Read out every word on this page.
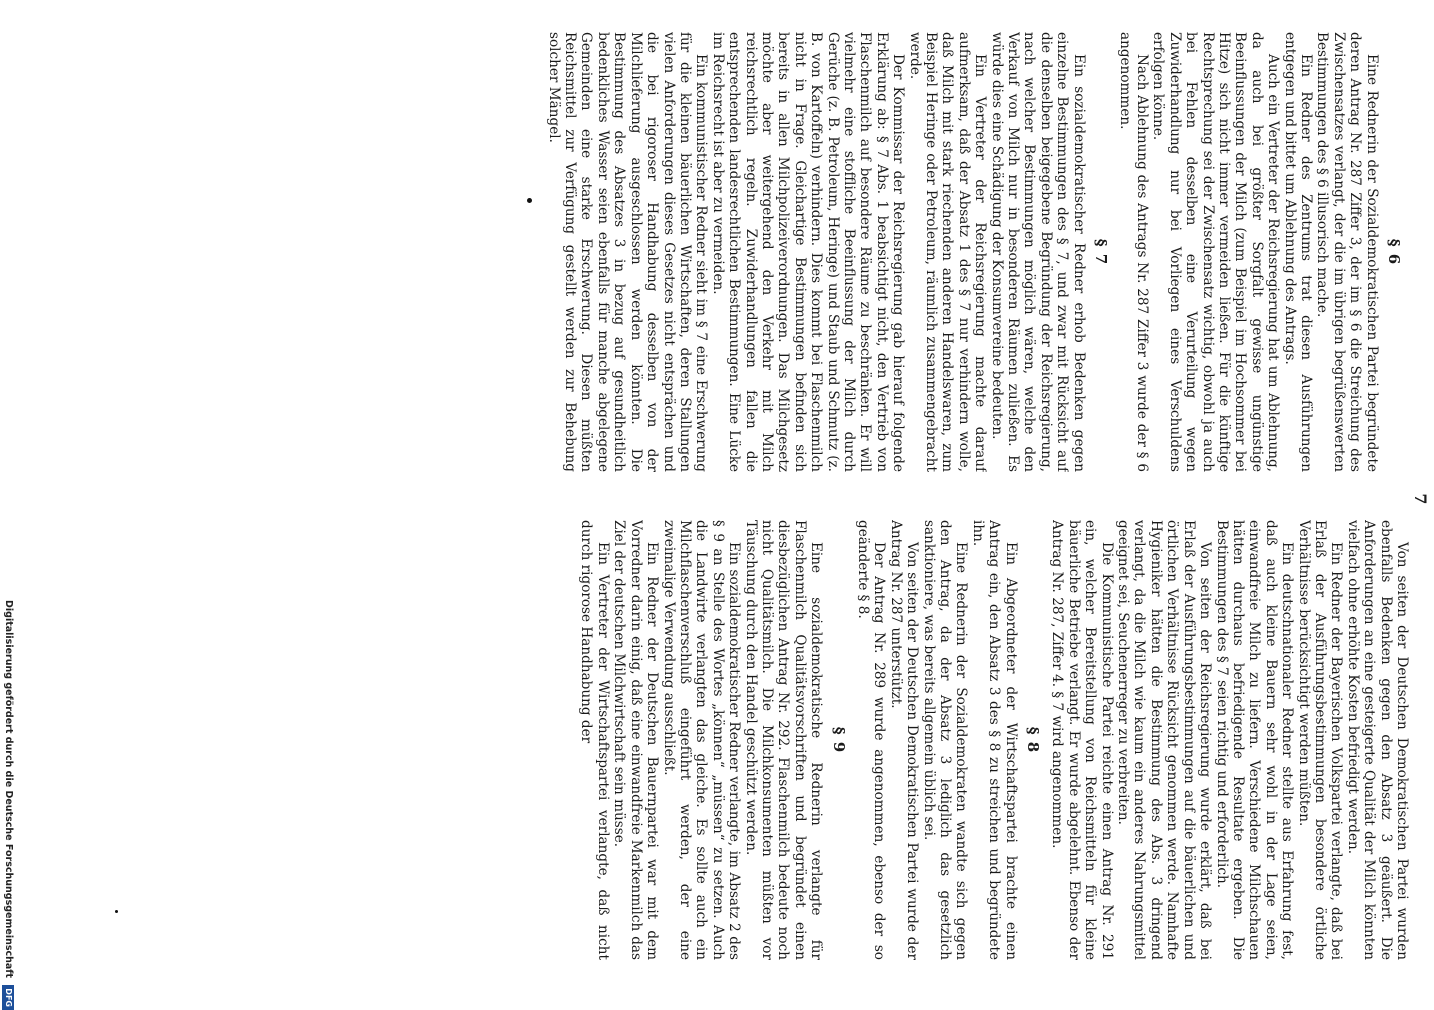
7
§ 6

Eine Rednerin der Sozialdemokratischen Partei begründete deren Antrag Nr. 287 Ziffer 3, der im § 6 die Streichung des Zwischensatzes verlangt, der die im übrigen begrüßenswerten Bestimmungen des § 6 illusorisch mache.

Ein Redner des Zentrums trat diesen Ausführungen entgegen und bittet um Ablehnung des Antrags.

Auch ein Vertreter der Reichsregierung hat um Ablehnung, da auch bei größter Sorgfalt gewisse ungünstige Beeinflussungen der Milch (zum Beispiel im Hochsommer bei Hitze) sich nicht immer vermeiden ließen. Für die künftige Rechtsprechung sei der Zwischensatz wichtig, obwohl ja auch bei Fehlen desselben eine Verurteilung wegen Zuwiderhandlung nur bei Vorliegen eines Verschuldens erfolgen könne.

Nach Ablehnung des Antrags Nr. 287 Ziffer 3 wurde der § 6 angenommen.

§ 7

Ein sozialdemokratischer Redner erhob Bedenken gegen einzelne Bestimmungen des § 7, und zwar mit Rücksicht auf die denselben beigegebene Begründung der Reichsregierung, nach welcher Bestimmungen möglich wären, welche den Verkauf von Milch nur in besonderen Räumen zuließen. Es würde dies eine Schädigung der Konsumvereine bedeuten.

Ein Vertreter der Reichsregierung machte darauf aufmerksam, daß der Absatz 1 des § 7 nur verhindern wolle, daß Milch mit stark riechenden anderen Handelswaren, zum Beispiel Heringe oder Petroleum, räumlich zusammengebracht werde.

Der Kommissar der Reichsregierung gab hierauf folgende Erklärung ab: § 7 Abs. 1 beabsichtigt nicht, den Vertrieb von Flaschenmilch auf besondere Räume zu beschränken. Er will vielmehr eine stoffliche Beeinflussung der Milch durch Gerüche (z. B. Petroleum, Heringe) und Staub und Schmutz (z. B. von Kartoffeln) verhindern. Dies kommt bei Flaschenmilch nicht in Frage. Gleichartige Bestimmungen befinden sich bereits in allen Milchpolizeiverordnungen. Das Milchgesetz möchte aber weitergehend den Verkehr mit Milch reichsrechtlich regeln. Zuwiderhandlungen fallen die entsprechenden landesrechtlichen Bestimmungen. Eine Lücke im Reichsrecht ist aber zu vermeiden.

Ein kommunistischer Redner sieht im § 7 eine Erschwerung für die kleinen bäuerlichen Wirtschaften, deren Stallungen vielen Anforderungen dieses Gesetzes nicht entsprächen und die bei rigoroser Handhabung desselben von der Milchlieferung ausgeschlossen werden könnten. Die Bestimmung des Absatzes 3 in bezug auf gesundheitlich bedenkliches Wasser seien ebenfalls für manche abgelegene Gemeinden eine starke Erschwerung. Diesen müßten Reichsmittel zur Verfügung gestellt werden zur Behebung solcher Mängel.

Von seiten der Deutschen Demokratischen Partei wurden ebenfalls Bedenken gegen den Absatz 3 geäußert. Die Anforderungen an eine gesteigerte Qualität der Milch könnten vielfach ohne erhöhte Kosten befriedigt werden.

Ein Redner der Bayerischen Volkspartei verlangte, daß bei Erlaß der Ausführungsbestimmungen besondere örtliche Verhältnisse berücksichtigt werden müßten.

Ein deutschnationaler Redner stellte aus Erfahrung fest, daß auch kleine Bauern sehr wohl in der Lage seien, einwandfreie Milch zu liefern. Verschiedene Milchschauen hätten durchaus befriedigende Resultate ergeben. Die Bestimmungen des § 7 seien richtig und erforderlich.

Von seiten der Reichsregierung wurde erklärt, daß bei Erlaß der Ausführungsbestimmungen auf die bäuerlichen und örtlichen Verhältnisse Rücksicht genommen werde. Namhafte Hygieniker hätten die Bestimmung des Abs. 3 dringend verlangt, da die Milch wie kaum ein anderes Nahrungsmittel geeignet sei, Seuchenerreger zu verbreiten.

Die Kommunistische Partei reichte einen Antrag Nr. 291 ein, welcher Bereitstellung von Reichsmitteln für kleine bäuerliche Betriebe verlangt. Er wurde abgelehnt. Ebenso der Antrag Nr. 287, Ziffer 4. § 7 wird angenommen.

§ 8

Ein Abgeordneter der Wirtschaftspartei brachte einen Antrag ein, den Absatz 3 des § 8 zu streichen und begründete ihn.

Eine Rednerin der Sozialdemokraten wandte sich gegen den Antrag, da der Absatz 3 lediglich das gesetzlich sanktioniere, was bereits allgemein üblich sei.

Von seiten der Deutschen Demokratischen Partei wurde der Antrag Nr. 287 unterstützt.

Der Antrag Nr. 289 wurde angenommen, ebenso der so geänderte § 8.

§ 9

Eine sozialdemokratische Rednerin verlangte für Flaschenmilch Qualitätsvorschriften und begründet einen diesbezüglichen Antrag Nr. 292. Flaschenmilch bedeute noch nicht Qualitätsmilch. Die Milchkonsumenten müßten vor Täuschung durch den Handel geschützt werden.

Ein sozialdemokratischer Redner verlangte, im Absatz 2 des § 9 an Stelle des Wortes „können“ „müssen“ zu setzen. Auch die Landwirte verlangten das gleiche. Es sollte auch ein Milchflaschenverschluß eingeführt werden, der eine zweimalige Verwendung ausschließt.

Ein Redner der Deutschen Bauernpartei war mit dem Vorredner darin einig, daß eine einwandfreie Markenmilch das Ziel der deutschen Milchwirtschaft sein müsse.

Ein Vertreter der Wirtschaftspartei verlangte, daß nicht durch rigorose Handhabung der

Digitalisierung gefördert durch die Deutsche Forschungsgemeinschaft DFG
